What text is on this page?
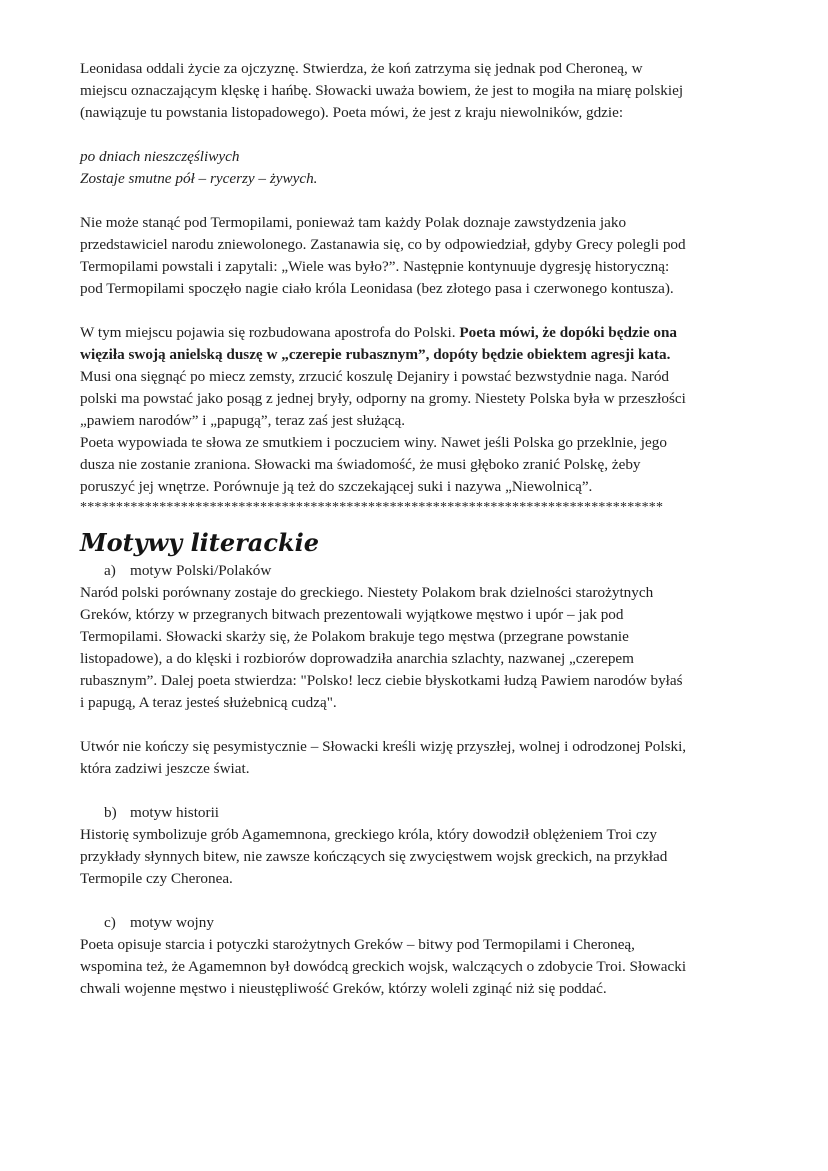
Leonidasa oddali życie za ojczyznę. Stwierdza, że koń zatrzyma się jednak pod Cheroneą, w
miejscu oznaczającym klęskę i hańbę. Słowacki uważa bowiem, że jest to mogiła na miarę polskiej
(nawiązuje tu powstania listopadowego). Poeta mówi, że jest z kraju niewolników, gdzie:

po dniach nieszczęśliwych
Zostaje smutne pół – rycerzy – żywych.

Nie może stanąć pod Termopilami, ponieważ tam każdy Polak doznaje zawstydzenia jako
przedstawiciel narodu zniewolonego. Zastanawia się, co by odpowiedział, gdyby Grecy polegli pod
Termopilami powstali i zapytali: „Wiele was było?”. Następnie kontynuuje dygresję historyczną:
pod Termopilami spoczęło nagie ciało króla Leonidasa (bez złotego pasa i czerwonego kontusza).

W tym miejscu pojawia się rozbudowana apostrofa do Polski. Poeta mówi, że dopóki będzie ona
więziła swoją anielską duszę w „czerepie rubasznym”, dopóty będzie obiektem agresji kata.
Musi ona sięgnąć po miecz zemsty, zrzucić koszulę Dejaniry i powstać bezwstydnie naga. Naród
polski ma powstać jako posąg z jednej bryły, odporny na gromy. Niestety Polska była w przeszłości
„pawiem narodów” i „papugą”, teraz zaś jest służącą.
Poeta wypowiada te słowa ze smutkiem i poczuciem winy. Nawet jeśli Polska go przeklnie, jego
dusza nie zostanie zraniona. Słowacki ma świadomość, że musi głęboko zranić Polskę, żeby
poruszyć jej wnętrze. Porównuje ją też do szczekającej suki i nazywa „Niewolnicą”.

*********************************************************************************
Motywy literackie

a) motyw Polski/Polaków

Naród polski porównany zostaje do greckiego. Niestety Polakom brak dzielności starożytnych
Greków, którzy w przegranych bitwach prezentowali wyjątkowe męstwo i upór – jak pod
Termopilami. Słowacki skarży się, że Polakom brakuje tego męstwa (przegrane powstanie
listopadowe), a do klęski i rozbiorów doprowadziła anarchia szlachty, nazwanej „czerepem
rubasznym”. Dalej poeta stwierdza: "Polsko! lecz ciebie błyskotkami łudzą Pawiem narodów byłaś
i papugą, A teraz jesteś służebnicą cudzą".

Utwór nie kończy się pesymistycznie – Słowacki kreśli wizję przyszłej, wolnej i odrodzonej Polski,
która zadziwi jeszcze świat.

b) motyw historii

Historię symbolizuje grób Agamemnona, greckiego króla, który dowodził oblężeniem Troi czy
przykłady słynnych bitew, nie zawsze kończących się zwycięstwem wojsk greckich, na przykład
Termopile czy Cheronea.

c) motyw wojny

Poeta opisuje starcia i potyczki starożytnych Greków – bitwy pod Termopilami i Cheroneą,
wspomina też, że Agamemnon był dowódcą greckich wojsk, walczących o zdobycie Troi. Słowacki
chwali wojenne męstwo i nieustępliwość Greków, którzy woleli zginąć niż się poddać.
